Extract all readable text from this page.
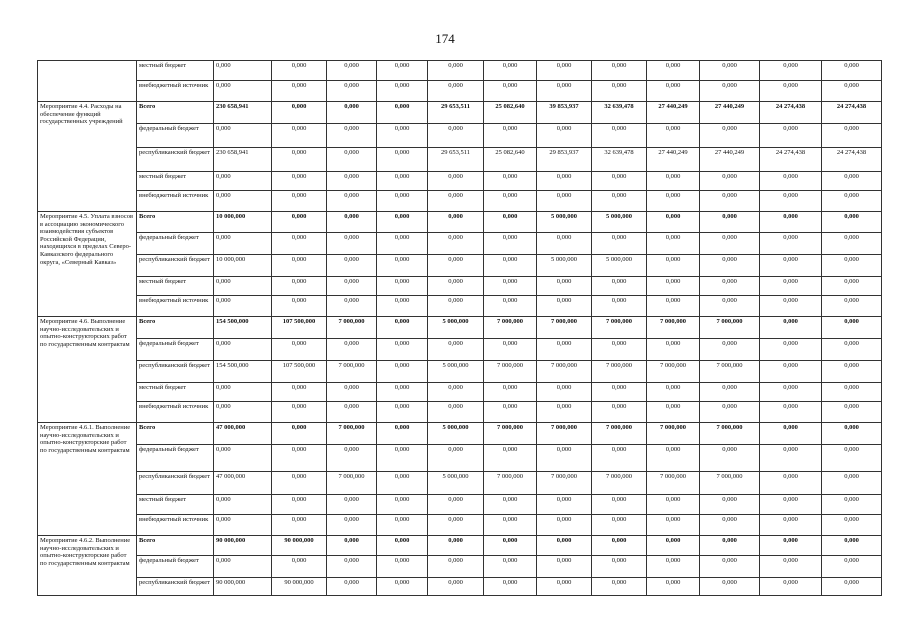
174
	местный бюджет	0,000	0,000	0,000	0,000	0,000	0,000	0,000	0,000	0,000	0,000	0,000	0,000
	внебюджетный источник	0,000	0,000	0,000	0,000	0,000	0,000	0,000	0,000	0,000	0,000	0,000	0,000
Мероприятие 4.4. Расходы на обеспечение функций государственных учреждений	Всего	230 658,941	0,000	0,000	0,000	29 653,511	25 082,640	39 853,937	32 639,478	27 440,249	27 440,249	24 274,438	24 274,438
	федеральный бюджет	0,000	0,000	0,000	0,000	0,000	0,000	0,000	0,000	0,000	0,000	0,000	0,000
	республиканский бюджет	230 658,941	0,000	0,000	0,000	29 653,511	25 082,640	29 853,937	32 639,478	27 440,249	27 440,249	24 274,438	24 274,438
	местный бюджет	0,000	0,000	0,000	0,000	0,000	0,000	0,000	0,000	0,000	0,000	0,000	0,000
	внебюджетный источник	0,000	0,000	0,000	0,000	0,000	0,000	0,000	0,000	0,000	0,000	0,000	0,000
Мероприятие 4.5. Уплата взносов в ассоциацию экономического взаимодействия субъектов Российской Федерации, находящихся в пределах Северо-Кавказского федерального округа, «Северный Кавказ»	Всего	10 000,000	0,000	0,000	0,000	0,000	0,000	5 000,000	5 000,000	0,000	0,000	0,000	0,000
	федеральный бюджет	0,000	0,000	0,000	0,000	0,000	0,000	0,000	0,000	0,000	0,000	0,000	0,000
	республиканский бюджет	10 000,000	0,000	0,000	0,000	0,000	0,000	5 000,000	5 000,000	0,000	0,000	0,000	0,000
	местный бюджет	0,000	0,000	0,000	0,000	0,000	0,000	0,000	0,000	0,000	0,000	0,000	0,000
	внебюджетный источник	0,000	0,000	0,000	0,000	0,000	0,000	0,000	0,000	0,000	0,000	0,000	0,000
Мероприятие 4.6. Выполнение научно-исследовательских и опытно-конструкторских работ по государственным контрактам	Всего	154 500,000	107 500,000	7 000,000	0,000	5 000,000	7 000,000	7 000,000	7 000,000	7 000,000	7 000,000	0,000	0,000
	федеральный бюджет	0,000	0,000	0,000	0,000	0,000	0,000	0,000	0,000	0,000	0,000	0,000	0,000
	республиканский бюджет	154 500,000	107 500,000	7 000,000	0,000	5 000,000	7 000,000	7 000,000	7 000,000	7 000,000	7 000,000	0,000	0,000
	местный бюджет	0,000	0,000	0,000	0,000	0,000	0,000	0,000	0,000	0,000	0,000	0,000	0,000
	внебюджетный источник	0,000	0,000	0,000	0,000	0,000	0,000	0,000	0,000	0,000	0,000	0,000	0,000
Мероприятие 4.6.1. Выполнение научно-исследовательских и опытно-конструкторские работ по государственным контрактам	Всего	47 000,000	0,000	7 000,000	0,000	5 000,000	7 000,000	7 000,000	7 000,000	7 000,000	7 000,000	0,000	0,000
	федеральный бюджет	0,000	0,000	0,000	0,000	0,000	0,000	0,000	0,000	0,000	0,000	0,000	0,000
	республиканский бюджет	47 000,000	0,000	7 000,000	0,000	5 000,000	7 000,000	7 000,000	7 000,000	7 000,000	7 000,000	0,000	0,000
	местный бюджет	0,000	0,000	0,000	0,000	0,000	0,000	0,000	0,000	0,000	0,000	0,000	0,000
	внебюджетный источник	0,000	0,000	0,000	0,000	0,000	0,000	0,000	0,000	0,000	0,000	0,000	0,000
Мероприятие 4.6.2. Выполнение научно-исследовательских и опытно-конструкторские работ по государственным контрактам	Всего	90 000,000	90 000,000	0,000	0,000	0,000	0,000	0,000	0,000	0,000	0,000	0,000	0,000
	федеральный бюджет	0,000	0,000	0,000	0,000	0,000	0,000	0,000	0,000	0,000	0,000	0,000	0,000
	республиканский бюджет	90 000,000	90 000,000	0,000	0,000	0,000	0,000	0,000	0,000	0,000	0,000	0,000	0,000
